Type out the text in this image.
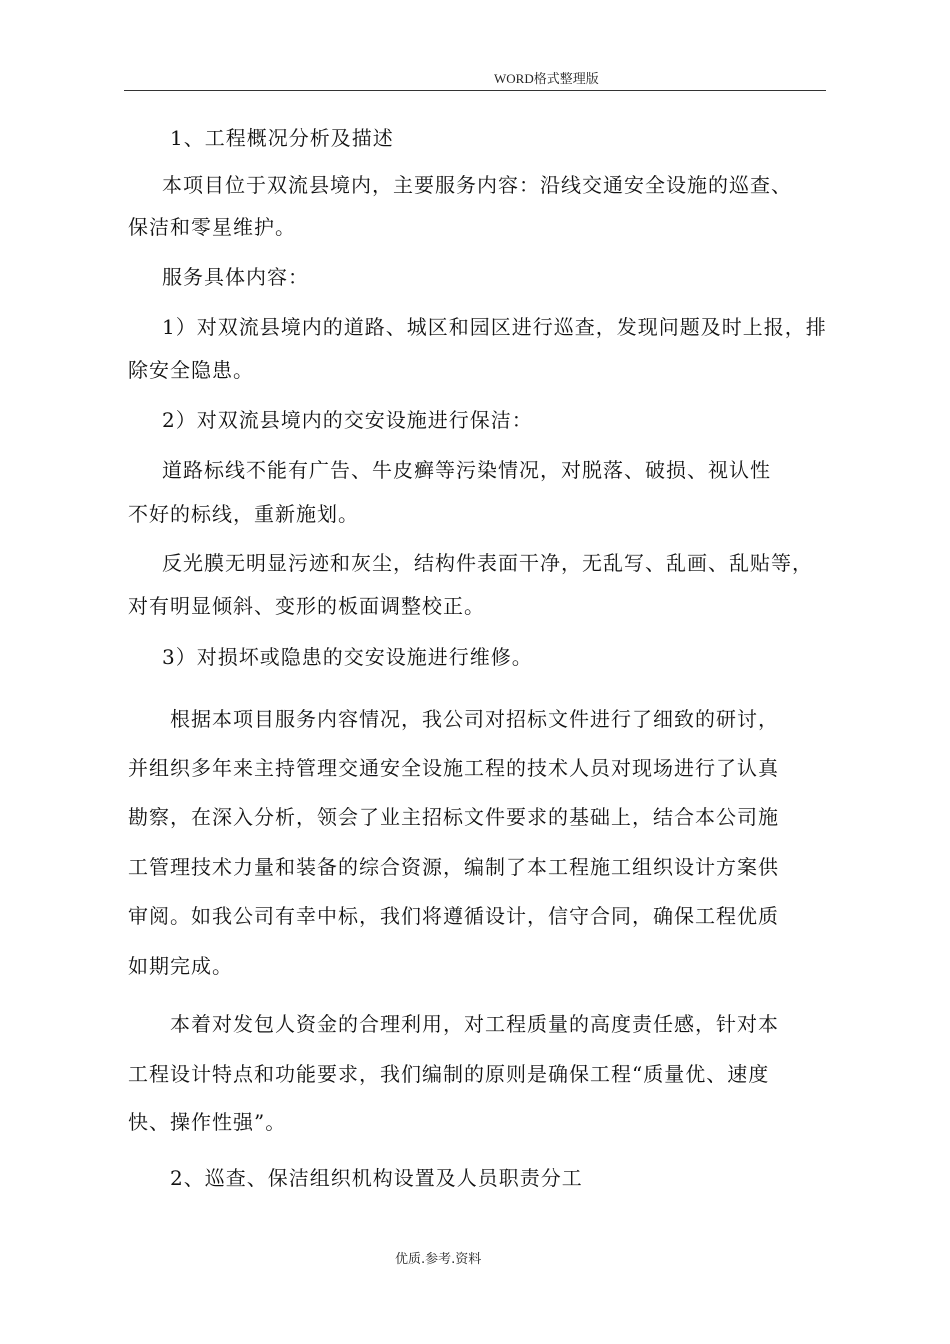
WORD格式整理版
1、工程概况分析及描述
本项目位于双流县境内，主要服务内容：沿线交通安全设施的巡查、
保洁和零星维护。
服务具体内容：
1）对双流县境内的道路、城区和园区进行巡查，发现问题及时上报，排
除安全隐患。
2）对双流县境内的交安设施进行保洁：
道路标线不能有广告、牛皮癣等污染情况，对脱落、破损、视认性
不好的标线，重新施划。
反光膜无明显污迹和灰尘，结构件表面干净，无乱写、乱画、乱贴等，
对有明显倾斜、变形的板面调整校正。
3）对损坏或隐患的交安设施进行维修。
根据本项目服务内容情况，我公司对招标文件进行了细致的研讨，
并组织多年来主持管理交通安全设施工程的技术人员对现场进行了认真
勘察，在深入分析，领会了业主招标文件要求的基础上，结合本公司施
工管理技术力量和装备的综合资源，编制了本工程施工组织设计方案供
审阅。如我公司有幸中标，我们将遵循设计，信守合同，确保工程优质
如期完成。
本着对发包人资金的合理利用，对工程质量的高度责任感，针对本
工程设计特点和功能要求，我们编制的原则是确保工程“质量优、速度
快、操作性强”。
2、巡查、保洁组织机构设置及人员职责分工
优质.参考.资料
